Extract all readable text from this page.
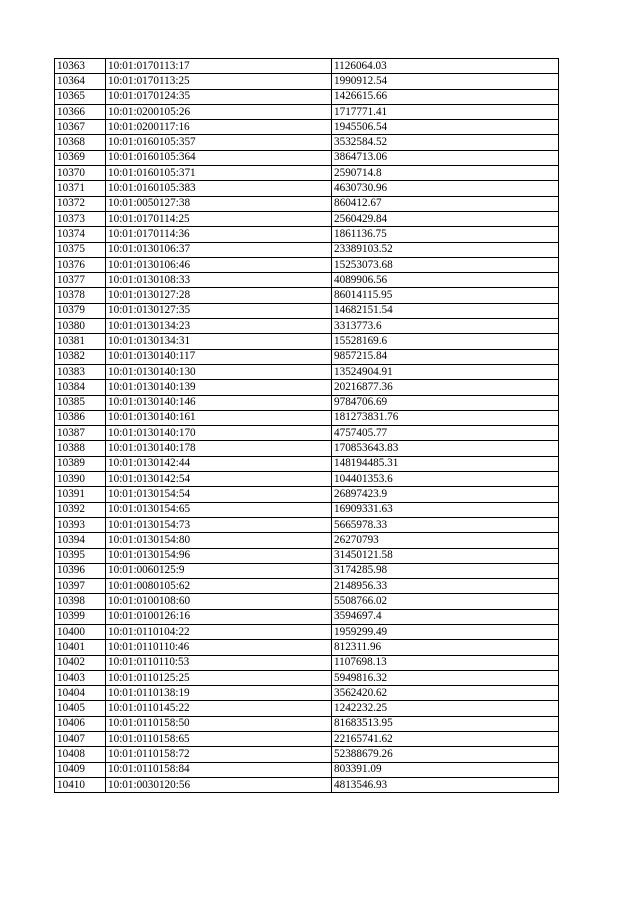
10363	10:01:0170113:17	1126064.03
10364	10:01:0170113:25	1990912.54
10365	10:01:0170124:35	1426615.66
10366	10:01:0200105:26	1717771.41
10367	10:01:0200117:16	1945506.54
10368	10:01:0160105:357	3532584.52
10369	10:01:0160105:364	3864713.06
10370	10:01:0160105:371	2590714.8
10371	10:01:0160105:383	4630730.96
10372	10:01:0050127:38	860412.67
10373	10:01:0170114:25	2560429.84
10374	10:01:0170114:36	1861136.75
10375	10:01:0130106:37	23389103.52
10376	10:01:0130106:46	15253073.68
10377	10:01:0130108:33	4089906.56
10378	10:01:0130127:28	86014115.95
10379	10:01:0130127:35	14682151.54
10380	10:01:0130134:23	3313773.6
10381	10:01:0130134:31	15528169.6
10382	10:01:0130140:117	9857215.84
10383	10:01:0130140:130	13524904.91
10384	10:01:0130140:139	20216877.36
10385	10:01:0130140:146	9784706.69
10386	10:01:0130140:161	181273831.76
10387	10:01:0130140:170	4757405.77
10388	10:01:0130140:178	170853643.83
10389	10:01:0130142:44	148194485.31
10390	10:01:0130142:54	104401353.6
10391	10:01:0130154:54	26897423.9
10392	10:01:0130154:65	16909331.63
10393	10:01:0130154:73	5665978.33
10394	10:01:0130154:80	26270793
10395	10:01:0130154:96	31450121.58
10396	10:01:0060125:9	3174285.98
10397	10:01:0080105:62	2148956.33
10398	10:01:0100108:60	5508766.02
10399	10:01:0100126:16	3594697.4
10400	10:01:0110104:22	1959299.49
10401	10:01:0110110:46	812311.96
10402	10:01:0110110:53	1107698.13
10403	10:01:0110125:25	5949816.32
10404	10:01:0110138:19	3562420.62
10405	10:01:0110145:22	1242232.25
10406	10:01:0110158:50	81683513.95
10407	10:01:0110158:65	22165741.62
10408	10:01:0110158:72	52388679.26
10409	10:01:0110158:84	803391.09
10410	10:01:0030120:56	4813546.93
